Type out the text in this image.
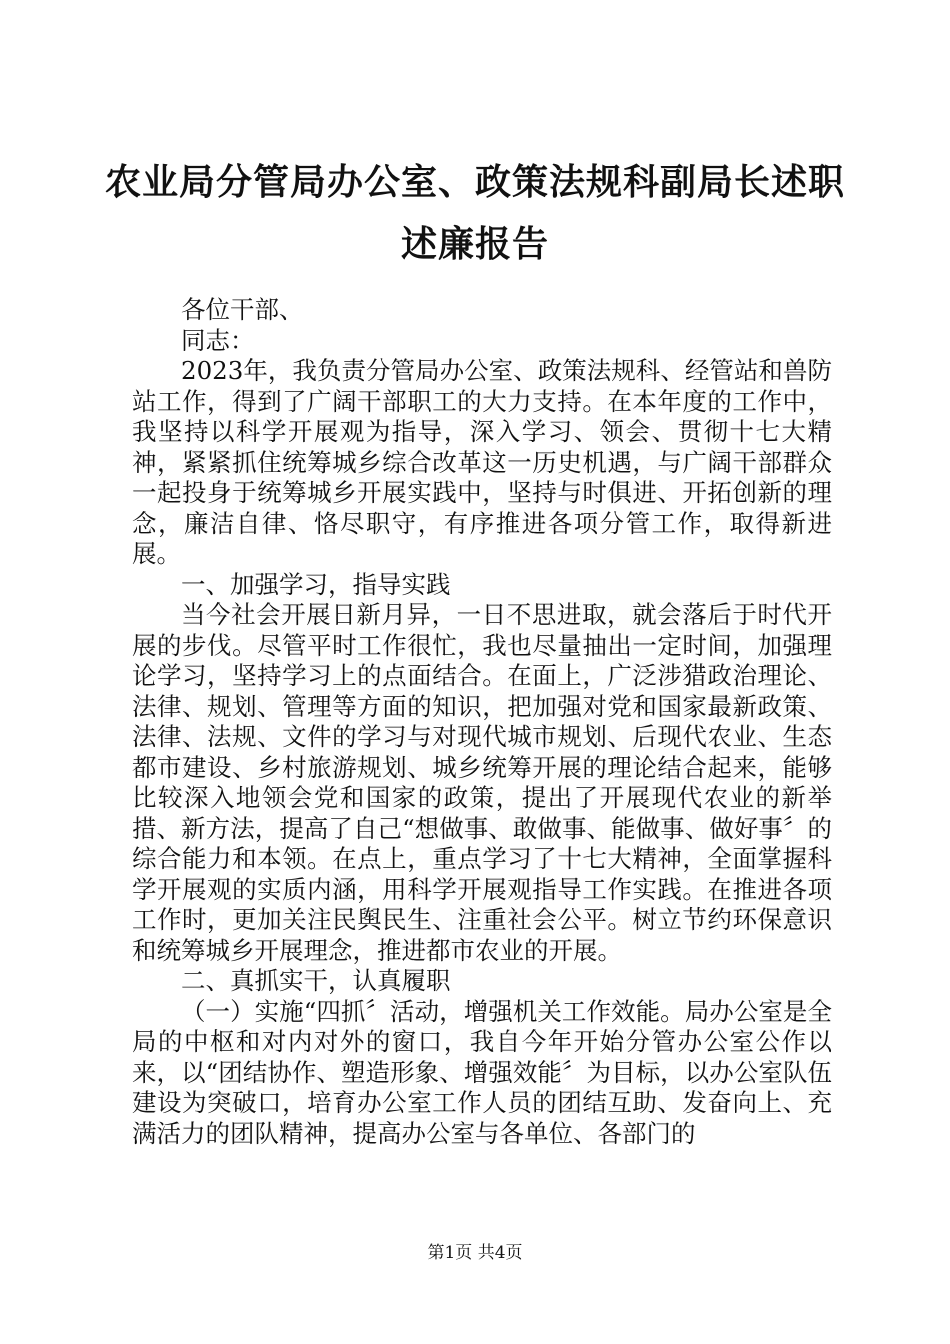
农业局分管局办公室、政策法规科副局长述职
述廉报告

各位干部、

同志：

2023年，我负责分管局办公室、政策法规科、经管站和兽防站工作，得到了广阔干部职工的大力支持。在本年度的工作中，我坚持以科学开展观为指导，深入学习、领会、贯彻十七大精神，紧紧抓住统筹城乡综合改革这一历史机遇，与广阔干部群众一起投身于统筹城乡开展实践中，坚持与时俱进、开拓创新的理念，廉洁自律、恪尽职守，有序推进各项分管工作，取得新进展。

一、加强学习，指导实践

当今社会开展日新月异，一日不思进取，就会落后于时代开展的步伐。尽管平时工作很忙，我也尽量抽出一定时间，加强理论学习，坚持学习上的点面结合。在面上，广泛涉猎政治理论、法律、规划、管理等方面的知识，把加强对党和国家最新政策、法律、法规、文件的学习与对现代城市规划、后现代农业、生态都市建设、乡村旅游规划、城乡统筹开展的理论结合起来，能够比较深入地领会党和国家的政策，提出了开展现代农业的新举措、新方法，提高了自己“想做事、敢做事、能做事、做好事〞的综合能力和本领。在点上，重点学习了十七大精神，全面掌握科学开展观的实质内涵，用科学开展观指导工作实践。在推进各项工作时，更加关注民舆民生、注重社会公平。树立节约环保意识和统筹城乡开展理念，推进都市农业的开展。

二、真抓实干，认真履职

（一）实施“四抓〞活动，增强机关工作效能。局办公室是全局的中枢和对内对外的窗口，我自今年开始分管办公室公作以来，以“团结协作、塑造形象、增强效能〞为目标，以办公室队伍建设为突破口，培育办公室工作人员的团结互助、发奋向上、充满活力的团队精神，提高办公室与各单位、各部门的

第1页 共4页
